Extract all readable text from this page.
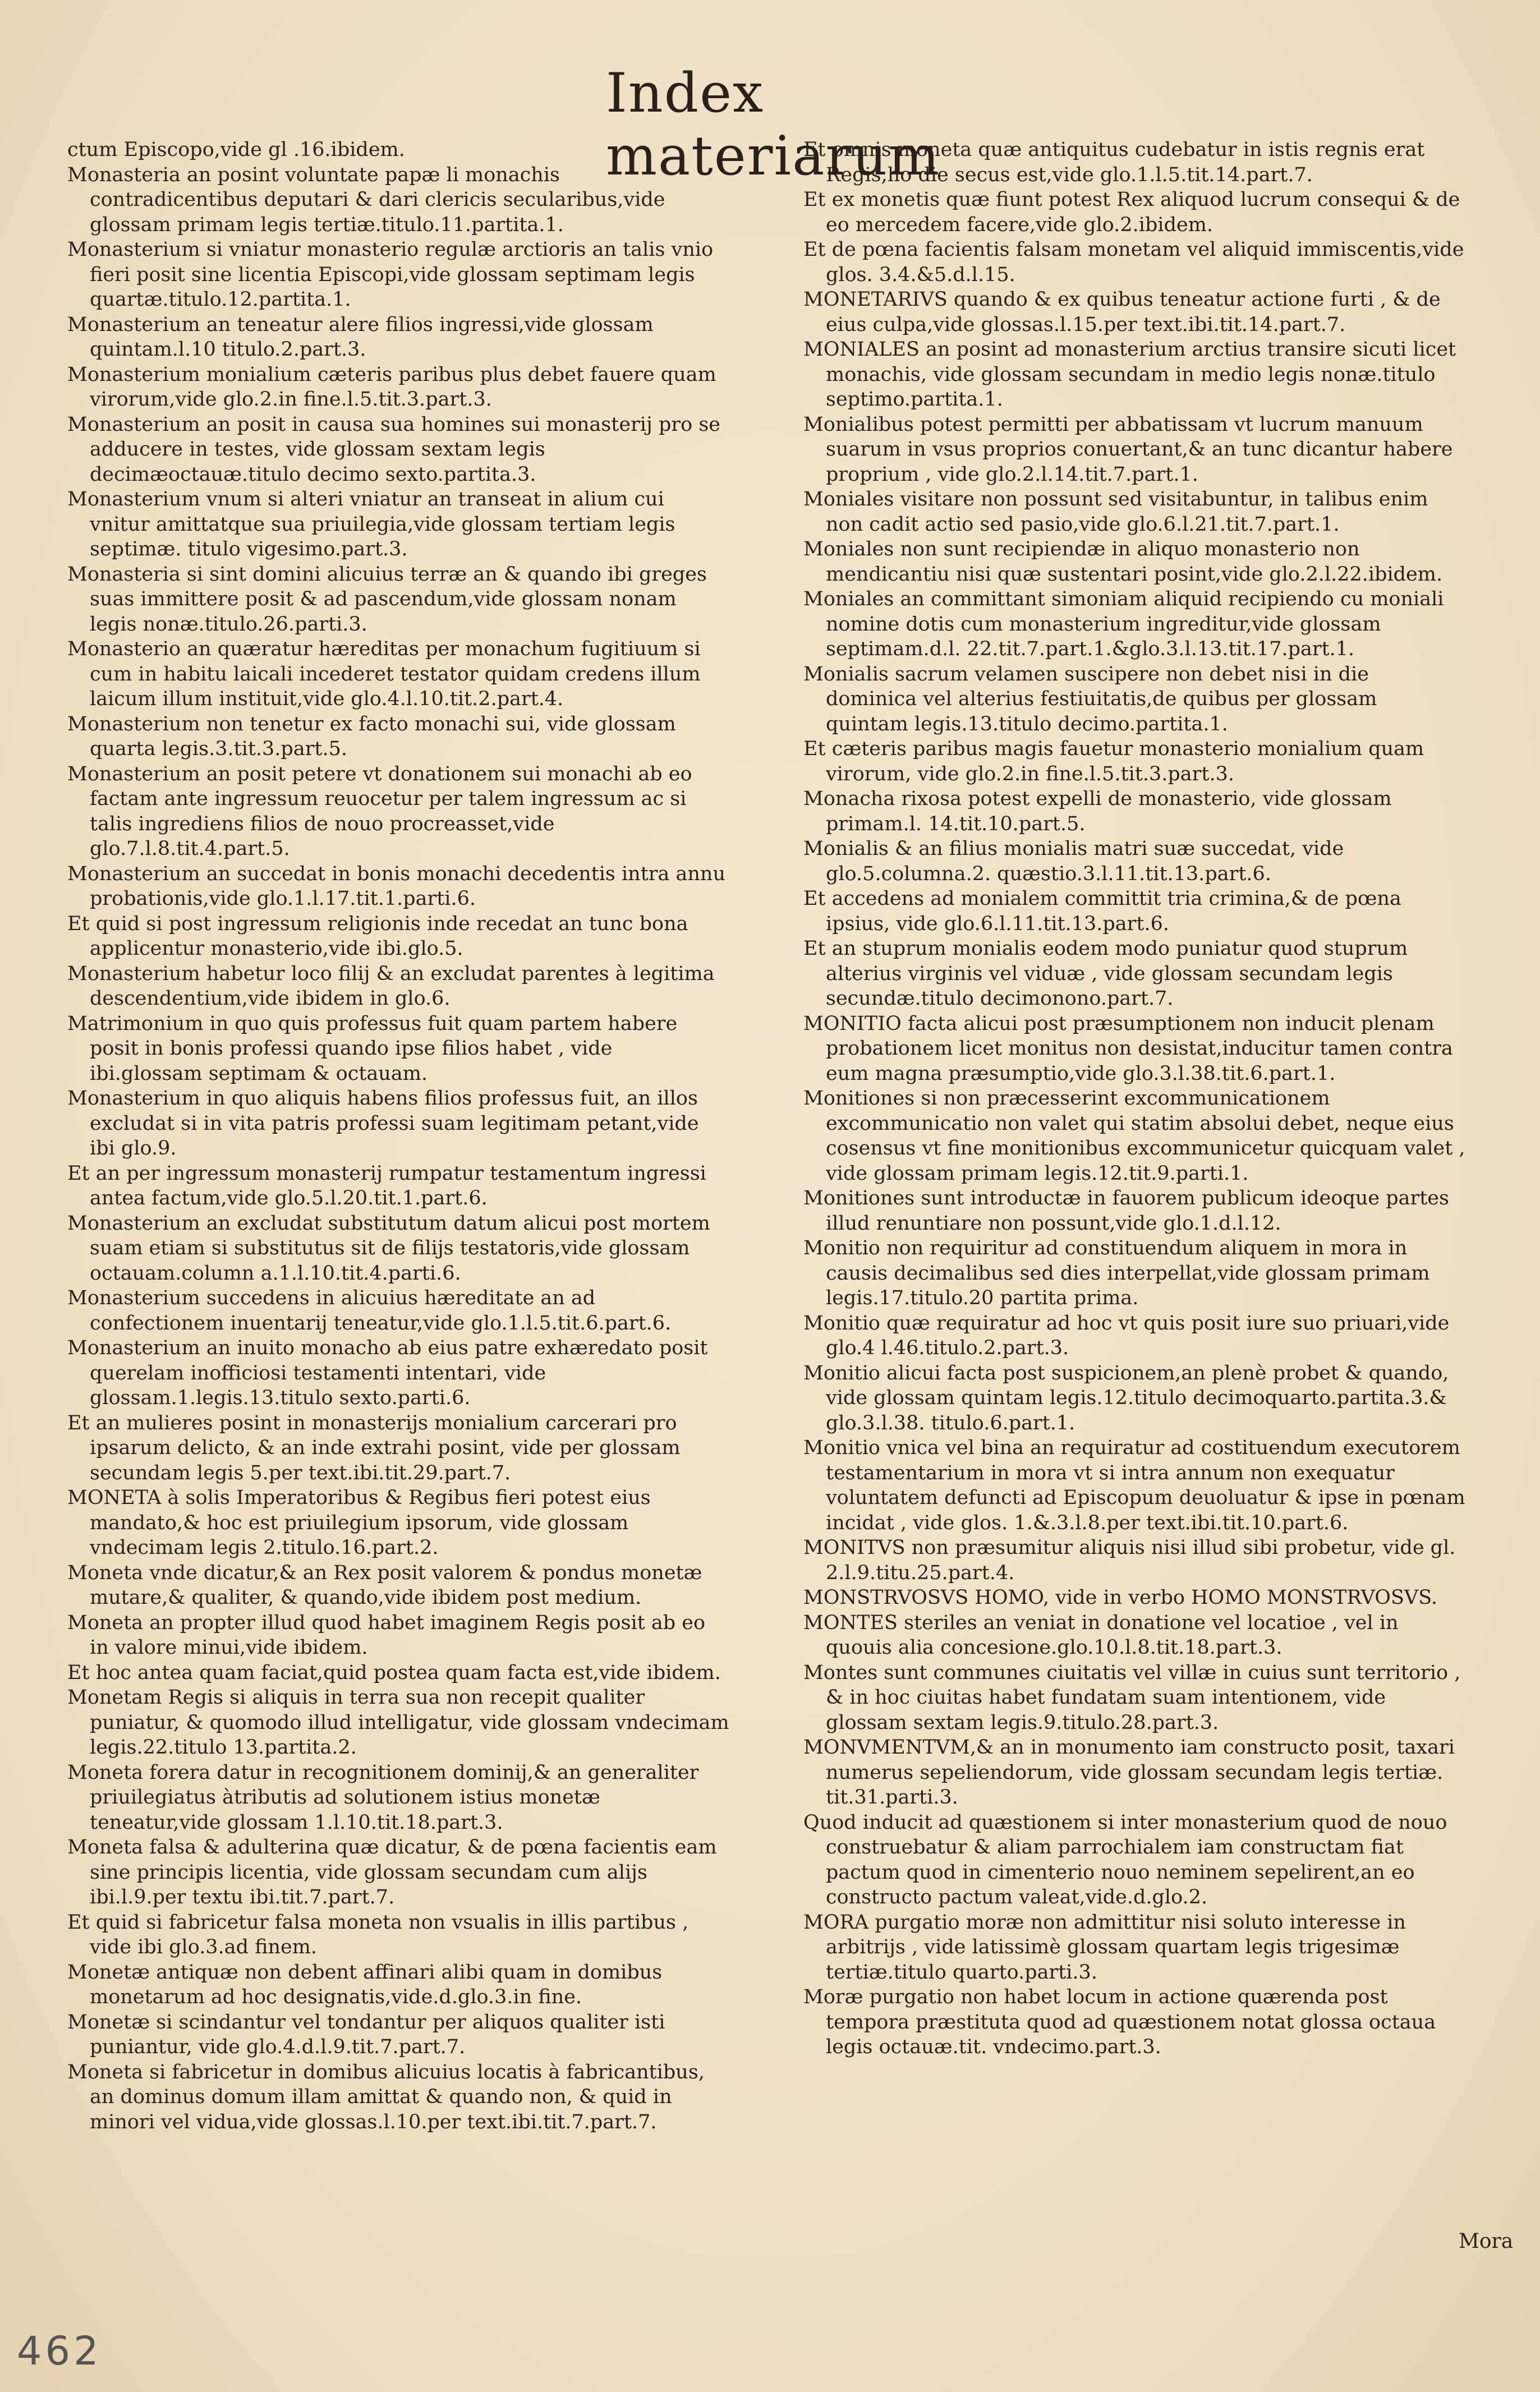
Index materiarum

ctum Episcopo,vide gl .16.ibidem.

Monasteria an posint voluntate papæ li monachis contradicentibus deputari & dari clericis secularibus,vide glossam primam legis tertiæ.titulo.11.partita.1.

Monasterium si vniatur monasterio regulæ arctioris an talis vnio fieri posit sine licentia Episcopi,vide glossam septimam legis quartæ.titulo.12.partita.1.

Monasterium an teneatur alere filios ingressi,vide glossam quintam.l.10 titulo.2.part.3.

Monasterium monialium cæteris paribus plus debet fauere quam virorum,vide glo.2.in fine.l.5.tit.3.part.3.

Monasterium an posit in causa sua homines sui monasterij pro se adducere in testes, vide glossam sextam legis decimæoctauæ.titulo decimo sexto.partita.3.

Monasterium vnum si alteri vniatur an transeat in alium cui vnitur amittatque sua priuilegia,vide glossam tertiam legis septimæ. titulo vigesimo.part.3.

Monasteria si sint domini alicuius terræ an & quando ibi greges suas immittere posit & ad pascendum,vide glossam nonam legis nonæ.titulo.26.parti.3.

Monasterio an quæratur hæreditas per monachum fugitiuum si cum in habitu laicali incederet testator quidam credens illum laicum illum instituit,vide glo.4.l.10.tit.2.part.4.

Monasterium non tenetur ex facto monachi sui, vide glossam quarta legis.3.tit.3.part.5.

Monasterium an posit petere vt donationem sui monachi ab eo factam ante ingressum reuocetur per talem ingressum ac si talis ingrediens filios de nouo procreasset,vide glo.7.l.8.tit.4.part.5.

Monasterium an succedat in bonis monachi decedentis intra annu probationis,vide glo.1.l.17.tit.1.parti.6.

Et quid si post ingressum religionis inde recedat an tunc bona applicentur monasterio,vide ibi.glo.5.

Monasterium habetur loco filij & an excludat parentes à legitima descendentium,vide ibidem in glo.6.

Matrimonium in quo quis professus fuit quam partem habere posit in bonis professi quando ipse filios habet , vide ibi.glossam septimam & octauam.

Monasterium in quo aliquis habens filios professus fuit, an illos excludat si in vita patris professi suam legitimam petant,vide ibi glo.9.

Et an per ingressum monasterij rumpatur testamentum ingressi antea factum,vide glo.5.l.20.tit.1.part.6.

Monasterium an excludat substitutum datum alicui post mortem suam etiam si substitutus sit de filijs testatoris,vide glossam octauam.column a.1.l.10.tit.4.parti.6.

Monasterium succedens in alicuius hæreditate an ad confectionem inuentarij teneatur,vide glo.1.l.5.tit.6.part.6.

Monasterium an inuito monacho ab eius patre exhæredato posit querelam inofficiosi testamenti intentari, vide glossam.1.legis.13.titulo sexto.parti.6.

Et an mulieres posint in monasterijs monialium carcerari pro ipsarum delicto, & an inde extrahi posint, vide per glossam secundam legis 5.per text.ibi.tit.29.part.7.

MONETA à solis Imperatoribus & Regibus fieri potest eius mandato,& hoc est priuilegium ipsorum, vide glossam vndecimam legis 2.titulo.16.part.2.

Moneta vnde dicatur,& an Rex posit valorem & pondus monetæ mutare,& qualiter, & quando,vide ibidem post medium.

Moneta an propter illud quod habet imaginem Regis posit ab eo in valore minui,vide ibidem.

Et hoc antea quam faciat,quid postea quam facta est,vide ibidem.

Monetam Regis si aliquis in terra sua non recepit qualiter puniatur, & quomodo illud intelligatur, vide glossam vndecimam legis.22.titulo 13.partita.2.

Moneta forera datur in recognitionem dominij,& an generaliter priuilegiatus àtributis ad solutionem istius monetæ teneatur,vide glossam 1.l.10.tit.18.part.3.

Moneta falsa & adulterina quæ dicatur, & de pœna facientis eam sine principis licentia, vide glossam secundam cum alijs ibi.l.9.per textu ibi.tit.7.part.7.

Et quid si fabricetur falsa moneta non vsualis in illis partibus , vide ibi glo.3.ad finem.

Monetæ antiquæ non debent affinari alibi quam in domibus monetarum ad hoc designatis,vide.d.glo.3.in fine.

Monetæ si scindantur vel tondantur per aliquos qualiter isti puniantur, vide glo.4.d.l.9.tit.7.part.7.

Moneta si fabricetur in domibus alicuius locatis à fabricantibus, an dominus domum illam amittat & quando non, & quid in minori vel vidua,vide glossas.l.10.per text.ibi.tit.7.part.7.

Et omnis moneta quæ antiquitus cudebatur in istis regnis erat Regis,ho die secus est,vide glo.1.l.5.tit.14.part.7.

Et ex monetis quæ fiunt potest Rex aliquod lucrum consequi & de eo mercedem facere,vide glo.2.ibidem.

Et de pœna facientis falsam monetam vel aliquid immiscentis,vide glos. 3.4.&5.d.l.15.

MONETARIVS quando & ex quibus teneatur actione furti , & de eius culpa,vide glossas.l.15.per text.ibi.tit.14.part.7.

MONIALES an posint ad monasterium arctius transire sicuti licet monachis, vide glossam secundam in medio legis nonæ.titulo septimo.partita.1.

Monialibus potest permitti per abbatissam vt lucrum manuum suarum in vsus proprios conuertant,& an tunc dicantur habere proprium , vide glo.2.l.14.tit.7.part.1.

Moniales visitare non possunt sed visitabuntur, in talibus enim non cadit actio sed pasio,vide glo.6.l.21.tit.7.part.1.

Moniales non sunt recipiendæ in aliquo monasterio non mendicantiu nisi quæ sustentari posint,vide glo.2.l.22.ibidem.

Moniales an committant simoniam aliquid recipiendo cu moniali nomine dotis cum monasterium ingreditur,vide glossam septimam.d.l. 22.tit.7.part.1.&glo.3.l.13.tit.17.part.1.

Monialis sacrum velamen suscipere non debet nisi in die dominica vel alterius festiuitatis,de quibus per glossam quintam legis.13.titulo decimo.partita.1.

Et cæteris paribus magis fauetur monasterio monialium quam virorum, vide glo.2.in fine.l.5.tit.3.part.3.

Monacha rixosa potest expelli de monasterio, vide glossam primam.l. 14.tit.10.part.5.

Monialis & an filius monialis matri suæ succedat, vide glo.5.columna.2. quæstio.3.l.11.tit.13.part.6.

Et accedens ad monialem committit tria crimina,& de pœna ipsius, vide glo.6.l.11.tit.13.part.6.

Et an stuprum monialis eodem modo puniatur quod stuprum alterius virginis vel viduæ , vide glossam secundam legis secundæ.titulo decimonono.part.7.

MONITIO facta alicui post præsumptionem non inducit plenam probationem licet monitus non desistat,inducitur tamen contra eum magna præsumptio,vide glo.3.l.38.tit.6.part.1.

Monitiones si non præcesserint excommunicationem excommunicatio non valet qui statim absolui debet, neque eius cosensus vt fine monitionibus excommunicetur quicquam valet , vide glossam primam legis.12.tit.9.parti.1.

Monitiones sunt introductæ in fauorem publicum ideoque partes illud renuntiare non possunt,vide glo.1.d.l.12.

Monitio non requiritur ad constituendum aliquem in mora in causis decimalibus sed dies interpellat,vide glossam primam legis.17.titulo.20 partita prima.

Monitio quæ requiratur ad hoc vt quis posit iure suo priuari,vide glo.4 l.46.titulo.2.part.3.

Monitio alicui facta post suspicionem,an plenè probet & quando, vide glossam quintam legis.12.titulo decimoquarto.partita.3.& glo.3.l.38. titulo.6.part.1.

Monitio vnica vel bina an requiratur ad costituendum executorem testamentarium in mora vt si intra annum non exequatur voluntatem defuncti ad Episcopum deuoluatur & ipse in pœnam incidat , vide glos. 1.&.3.l.8.per text.ibi.tit.10.part.6.

MONITVS non præsumitur aliquis nisi illud sibi probetur, vide gl. 2.l.9.titu.25.part.4.

MONSTRVOSVS HOMO, vide in verbo HOMO MONSTRVOSVS.

MONTES steriles an veniat in donatione vel locatioe , vel in quouis alia concesione.glo.10.l.8.tit.18.part.3.

Montes sunt communes ciuitatis vel villæ in cuius sunt territorio , & in hoc ciuitas habet fundatam suam intentionem, vide glossam sextam legis.9.titulo.28.part.3.

MONVMENTVM,& an in monumento iam constructo posit, taxari numerus sepeliendorum, vide glossam secundam legis tertiæ. tit.31.parti.3.

Quod inducit ad quæstionem si inter monasterium quod de nouo construebatur & aliam parrochialem iam constructam fiat pactum quod in cimenterio nouo neminem sepelirent,an eo constructo pactum valeat,vide.d.glo.2.

MORA purgatio moræ non admittitur nisi soluto interesse in arbitrijs , vide latissimè glossam quartam legis trigesimæ tertiæ.titulo quarto.parti.3.

Moræ purgatio non habet locum in actione quærenda post tempora præstituta quod ad quæstionem notat glossa octaua legis octauæ.tit. vndecimo.part.3.

Mora
462
